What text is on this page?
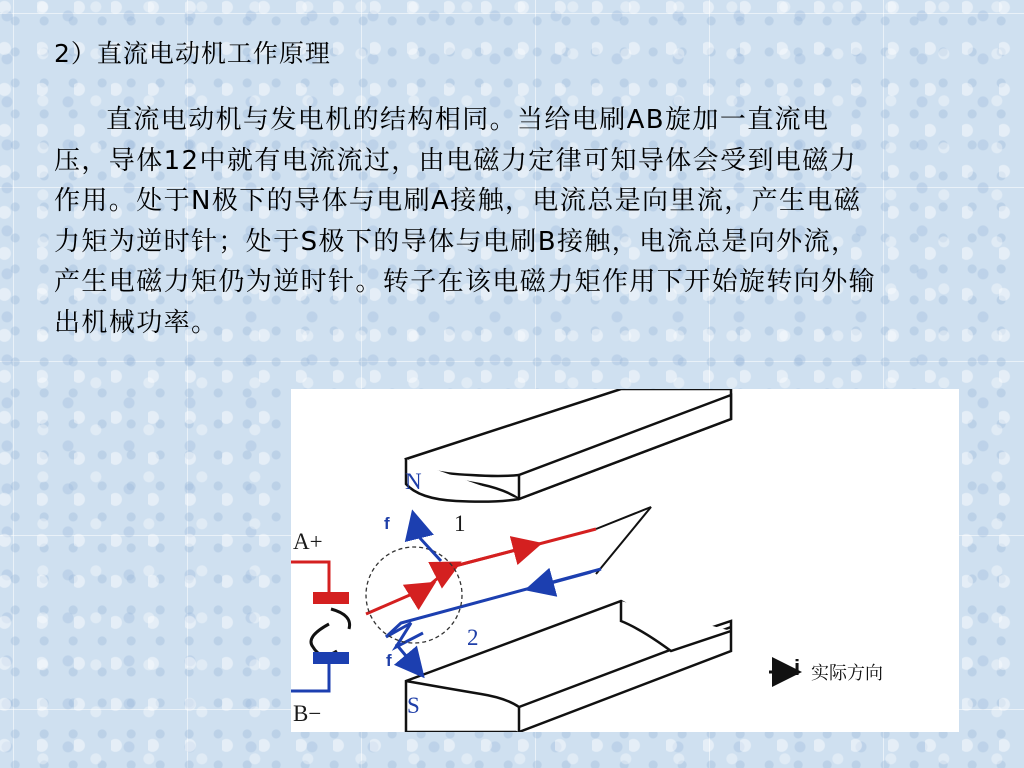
2）直流电动机工作原理

直流电动机与发电机的结构相同。当给电刷AB旋加一直流电压，导体12中就有电流流过，由电磁力定律可知导体会受到电磁力作用。处于N极下的导体与电刷A接触，电流总是向里流，产生电磁力矩为逆时针；处于S极下的导体与电刷B接触，电流总是向外流，产生电磁力矩仍为逆时针。转子在该电磁力矩作用下开始旋转向外输出机械功率。

N
S
A+
B−
1
2
f
f	i 实际方向
